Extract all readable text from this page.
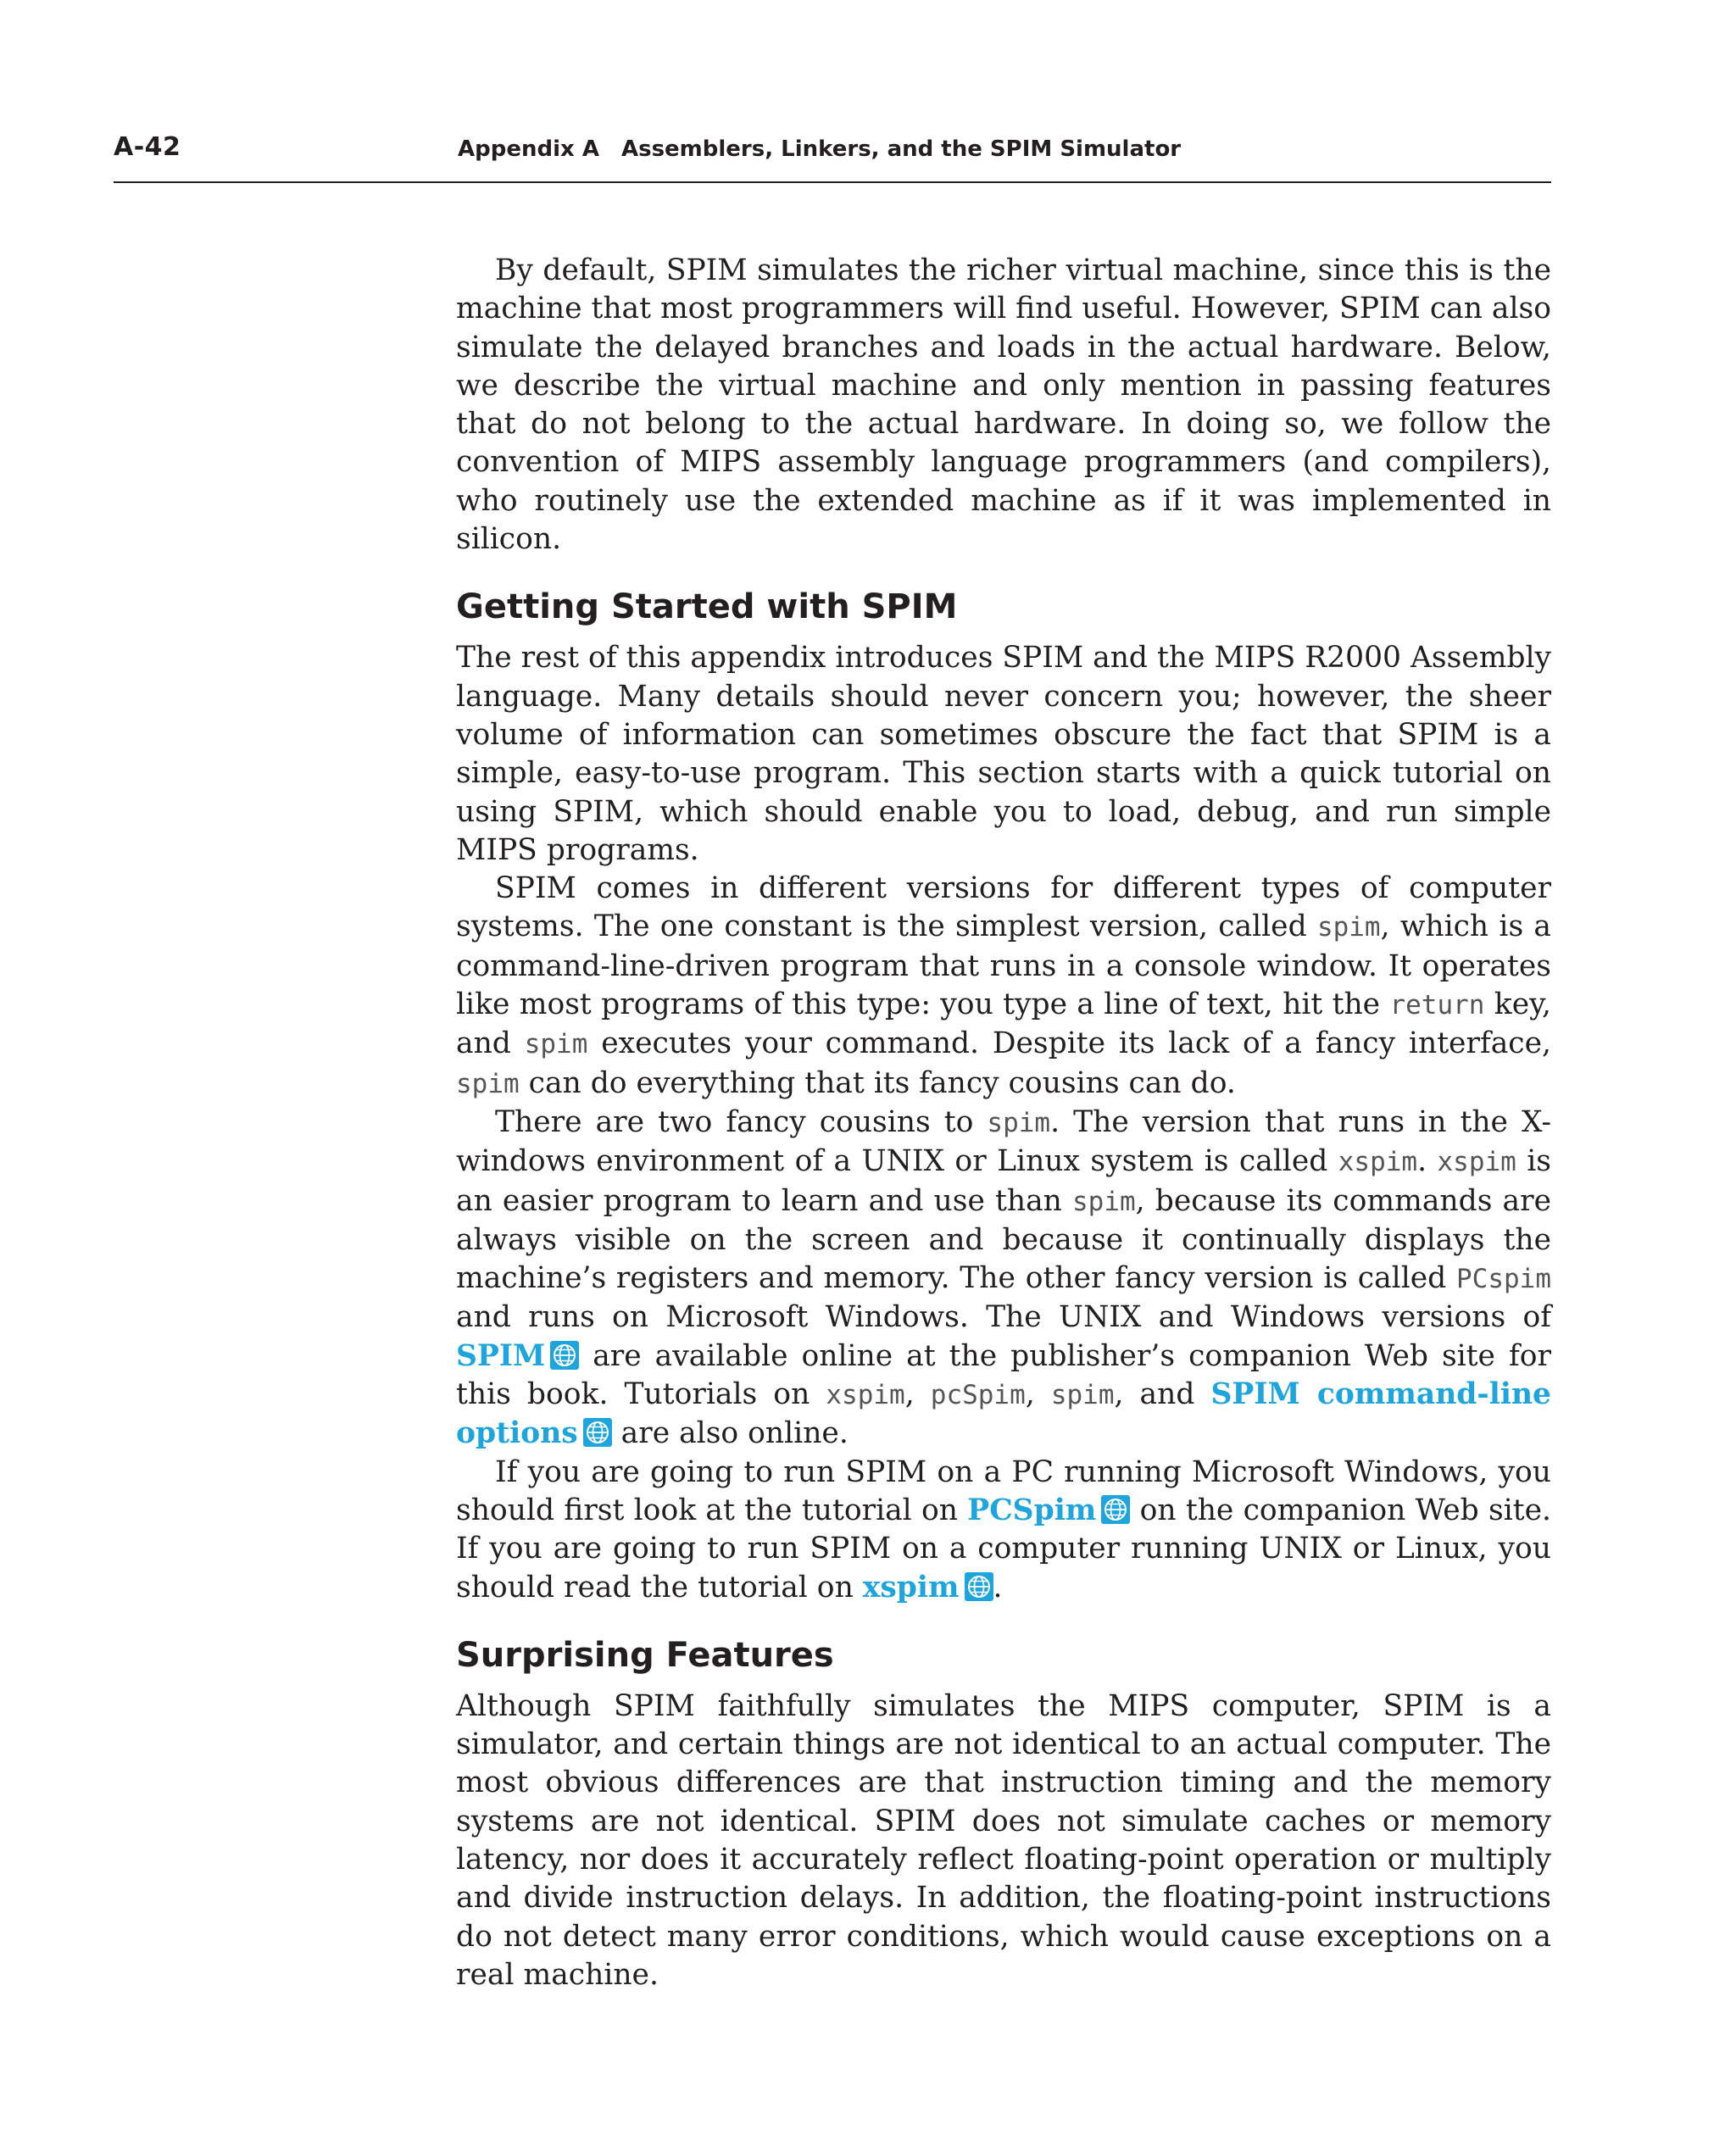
A-42	Appendix A Assemblers, Linkers, and the SPIM Simulator

By default, SPIM simulates the richer virtual machine, since this is the machine that most programmers will find useful. However, SPIM can also simulate the delayed branches and loads in the actual hardware. Below, we describe the virtual machine and only mention in passing features that do not belong to the actual hardware. In doing so, we follow the convention of MIPS assembly language programmers (and compilers), who routinely use the extended machine as if it was implemented in silicon.

Getting Started with SPIM

The rest of this appendix introduces SPIM and the MIPS R2000 Assembly language. Many details should never concern you; however, the sheer volume of information can sometimes obscure the fact that SPIM is a simple, easy-to-use program. This section starts with a quick tutorial on using SPIM, which should enable you to load, debug, and run simple MIPS programs.

SPIM comes in different versions for different types of computer systems. The one constant is the simplest version, called spim, which is a command-line-driven program that runs in a console window. It operates like most programs of this type: you type a line of text, hit the return key, and spim executes your command. Despite its lack of a fancy interface, spim can do everything that its fancy cousins can do.

There are two fancy cousins to spim. The version that runs in the X-windows environment of a UNIX or Linux system is called xspim. xspim is an easier program to learn and use than spim, because its commands are always visible on the screen and because it continually displays the machine’s registers and memory. The other fancy version is called PCspim and runs on Microsoft Windows. The UNIX and Windows versions of SPIM
are available online at the publisher’s companion Web site for this book. Tutorials on xspim, pcSpim, spim, and SPIM command-line options
are also online.

If you are going to run SPIM on a PC running Microsoft Windows, you should first look at the tutorial on PCSpim
on the companion Web site. If you are going to run SPIM on a computer running UNIX or Linux, you should read the tutorial on xspim .

Surprising Features

Although SPIM faithfully simulates the MIPS computer, SPIM is a simulator, and certain things are not identical to an actual computer. The most obvious differences are that instruction timing and the memory systems are not identical. SPIM does not simulate caches or memory latency, nor does it accurately reflect floating-point operation or multiply and divide instruction delays. In addition, the floating-point instructions do not detect many error conditions, which would cause exceptions on a real machine.
